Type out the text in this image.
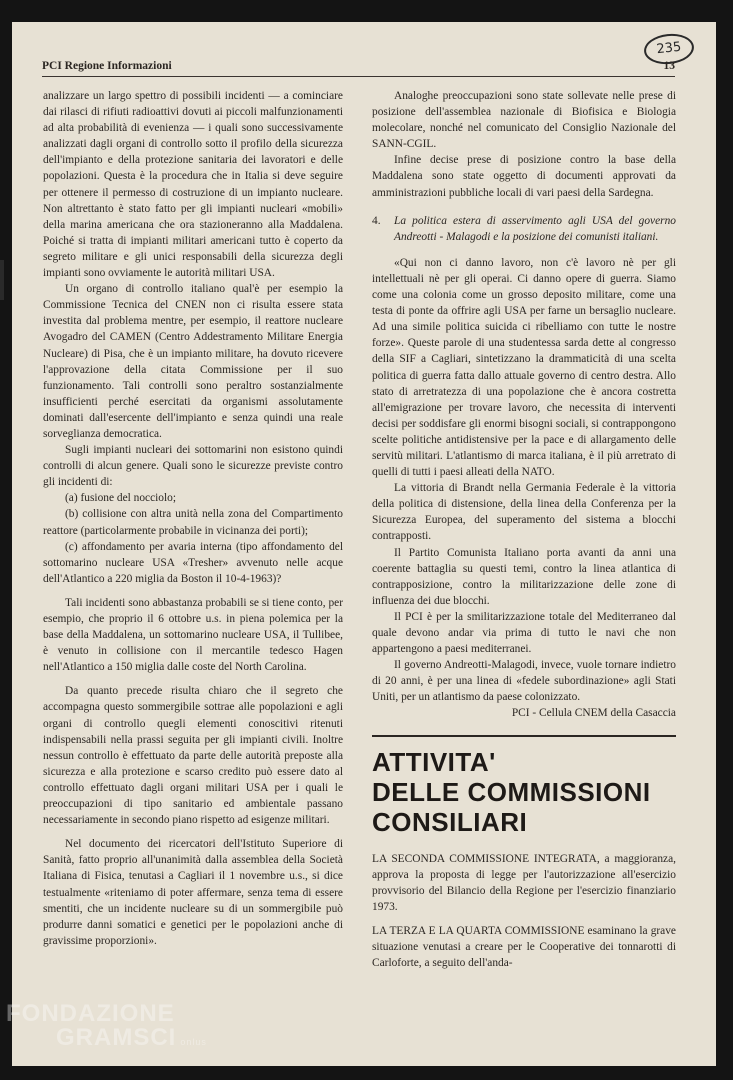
235
PCI Regione Informazioni	13

analizzare un largo spettro di possibili incidenti — a cominciare dai rilasci di rifiuti radioattivi dovuti ai piccoli malfunzionamenti ad alta probabilità di evenienza — i quali sono successivamente analizzati dagli organi di controllo sotto il profilo della sicurezza dell'impianto e della protezione sanitaria dei lavoratori e delle popolazioni. Questa è la procedura che in Italia si deve seguire per ottenere il permesso di costruzione di un impianto nucleare. Non altrettanto è stato fatto per gli impianti nucleari «mobili» della marina americana che ora stazioneranno alla Maddalena. Poiché si tratta di impianti militari americani tutto è coperto da segreto militare e gli unici responsabili della sicurezza degli impianti sono ovviamente le autorità militari USA.

Un organo di controllo italiano qual'è per esempio la Commissione Tecnica del CNEN non ci risulta essere stata investita dal problema mentre, per esempio, il reattore nucleare Avogadro del CAMEN (Centro Addestramento Militare Energia Nucleare) di Pisa, che è un impianto militare, ha dovuto ricevere l'approvazione della citata Commissione per il suo funzionamento. Tali controlli sono peraltro sostanzialmente insufficienti perché esercitati da organismi assolutamente dominati dall'esercente dell'impianto e senza quindi una reale sorveglianza democratica.

Sugli impianti nucleari dei sottomarini non esistono quindi controlli di alcun genere. Quali sono le sicurezze previste contro gli incidenti di:

(a) fusione del nocciolo;

(b) collisione con altra unità nella zona del Compartimento reattore (particolarmente probabile in vicinanza dei porti);

(c) affondamento per avaria interna (tipo affondamento del sottomarino nucleare USA «Tresher» avvenuto nelle acque dell'Atlantico a 220 miglia da Boston il 10-4-1963)?

Tali incidenti sono abbastanza probabili se si tiene conto, per esempio, che proprio il 6 ottobre u.s. in piena polemica per la base della Maddalena, un sottomarino nucleare USA, il Tullibee, è venuto in collisione con il mercantile tedesco Hagen nell'Atlantico a 150 miglia dalle coste del North Carolina.

Da quanto precede risulta chiaro che il segreto che accompagna questo sommergibile sottrae alle popolazioni e agli organi di controllo quegli elementi conoscitivi ritenuti indispensabili nella prassi seguita per gli impianti civili. Inoltre nessun controllo è effettuato da parte delle autorità preposte alla sicurezza e alla protezione e scarso credito può essere dato al controllo effettuato dagli organi militari USA per i quali le preoccupazioni di tipo sanitario ed ambientale passano necessariamente in secondo piano rispetto ad esigenze militari.

Nel documento dei ricercatori dell'Istituto Superiore di Sanità, fatto proprio all'unanimità dalla assemblea della Società Italiana di Fisica, tenutasi a Cagliari il 1 novembre u.s., si dice testualmente «riteniamo di poter affermare, senza tema di essere smentiti, che un incidente nucleare su di un sommergibile può produrre danni somatici e genetici per le popolazioni anche di gravissime proporzioni».

Analoghe preoccupazioni sono state sollevate nelle prese di posizione dell'assemblea nazionale di Biofisica e Biologia molecolare, nonché nel comunicato del Consiglio Nazionale del SANN-CGIL.

Infine decise prese di posizione contro la base della Maddalena sono state oggetto di documenti approvati da amministrazioni pubbliche locali di vari paesi della Sardegna.

4. La politica estera di asservimento agli USA del governo Andreotti - Malagodi e la posizione dei comunisti italiani.

«Qui non ci danno lavoro, non c'è lavoro nè per gli intellettuali nè per gli operai. Ci danno opere di guerra. Siamo come una colonia come un grosso deposito militare, come una testa di ponte da offrire agli USA per farne un bersaglio nucleare. Ad una simile politica suicida ci ribelliamo con tutte le nostre forze». Queste parole di una studentessa sarda dette al congresso della SIF a Cagliari, sintetizzano la drammaticità di una scelta politica di guerra fatta dallo attuale governo di centro destra. Allo stato di arretratezza di una popolazione che è ancora costretta all'emigrazione per trovare lavoro, che necessita di interventi decisi per soddisfare gli enormi bisogni sociali, si contrappongono scelte politiche antidistensive per la pace e di allargamento delle servitù militari. L'atlantismo di marca italiana, è il più arretrato di quelli di tutti i paesi alleati della NATO.

La vittoria di Brandt nella Germania Federale è la vittoria della politica di distensione, della linea della Conferenza per la Sicurezza Europea, del superamento del sistema a blocchi contrapposti.

Il Partito Comunista Italiano porta avanti da anni una coerente battaglia su questi temi, contro la linea atlantica di contrapposizione, contro la militarizzazione delle zone di influenza dei due blocchi.

Il PCI è per la smilitarizzazione totale del Mediterraneo dal quale devono andar via prima di tutto le navi che non appartengono a paesi mediterranei.

Il governo Andreotti-Malagodi, invece, vuole tornare indietro di 20 anni, è per una linea di «fedele subordinazione» agli Stati Uniti, per un atlantismo da paese colonizzato.

PCI - Cellula CNEM della Casaccia

ATTIVITA'
DELLE COMMISSIONI
CONSILIARI

LA SECONDA COMMISSIONE INTEGRATA, a maggioranza, approva la proposta di legge per l'autorizzazione all'esercizio provvisorio del Bilancio della Regione per l'esercizio finanziario 1973.

LA TERZA E LA QUARTA COMMISSIONE esaminano la grave situazione venutasi a creare per le Cooperative dei tonnarotti di Carloforte, a seguito dell'anda-

FONDAZIONE
GRAMSCI onlus
